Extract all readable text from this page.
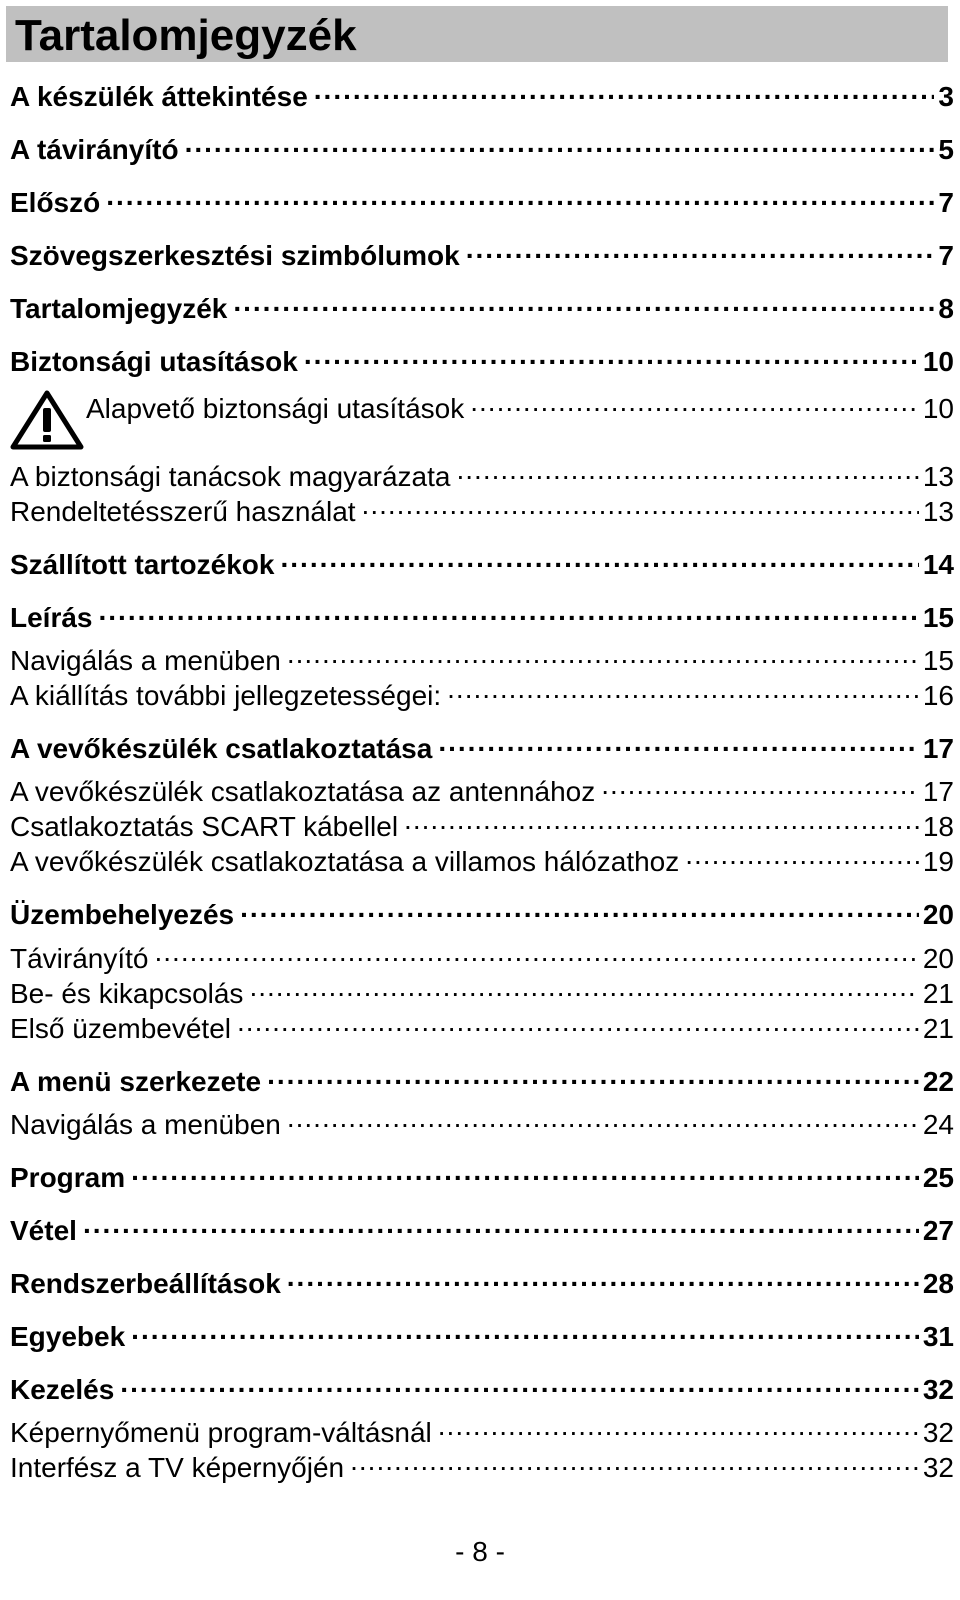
Tartalomjegyzék
A készülék áttekintése .....	3
A távirányító .....	5
Előszó .....	7
Szövegszerkesztési szimbólumok .....	7
Tartalomjegyzék .....	8
Biztonsági utasítások .....	10
Alapvető biztonsági utasítások .....	10
A biztonsági tanácsok magyarázata .....	13
Rendeltetésszerű használat .....	13
Szállított tartozékok .....	14
Leírás .....	15
Navigálás a menüben .....	15
A kiállítás további jellegzetességei: .....	16
A vevőkészülék csatlakoztatása .....	17
A vevőkészülék csatlakoztatása az antennához .....	17
Csatlakoztatás SCART kábellel .....	18
A vevőkészülék csatlakoztatása a villamos hálózathoz .....	19
Üzembehelyezés .....	20
Távirányító .....	20
Be- és kikapcsolás .....	21
Első üzembevétel .....	21
A menü szerkezete .....	22
Navigálás a menüben .....	24
Program .....	25
Vétel .....	27
Rendszerbeállítások .....	28
Egyebek .....	31
Kezelés .....	32
Képernyőmenü program-váltásnál .....	32
Interfész a TV képernyőjén .....	32
- 8 -
